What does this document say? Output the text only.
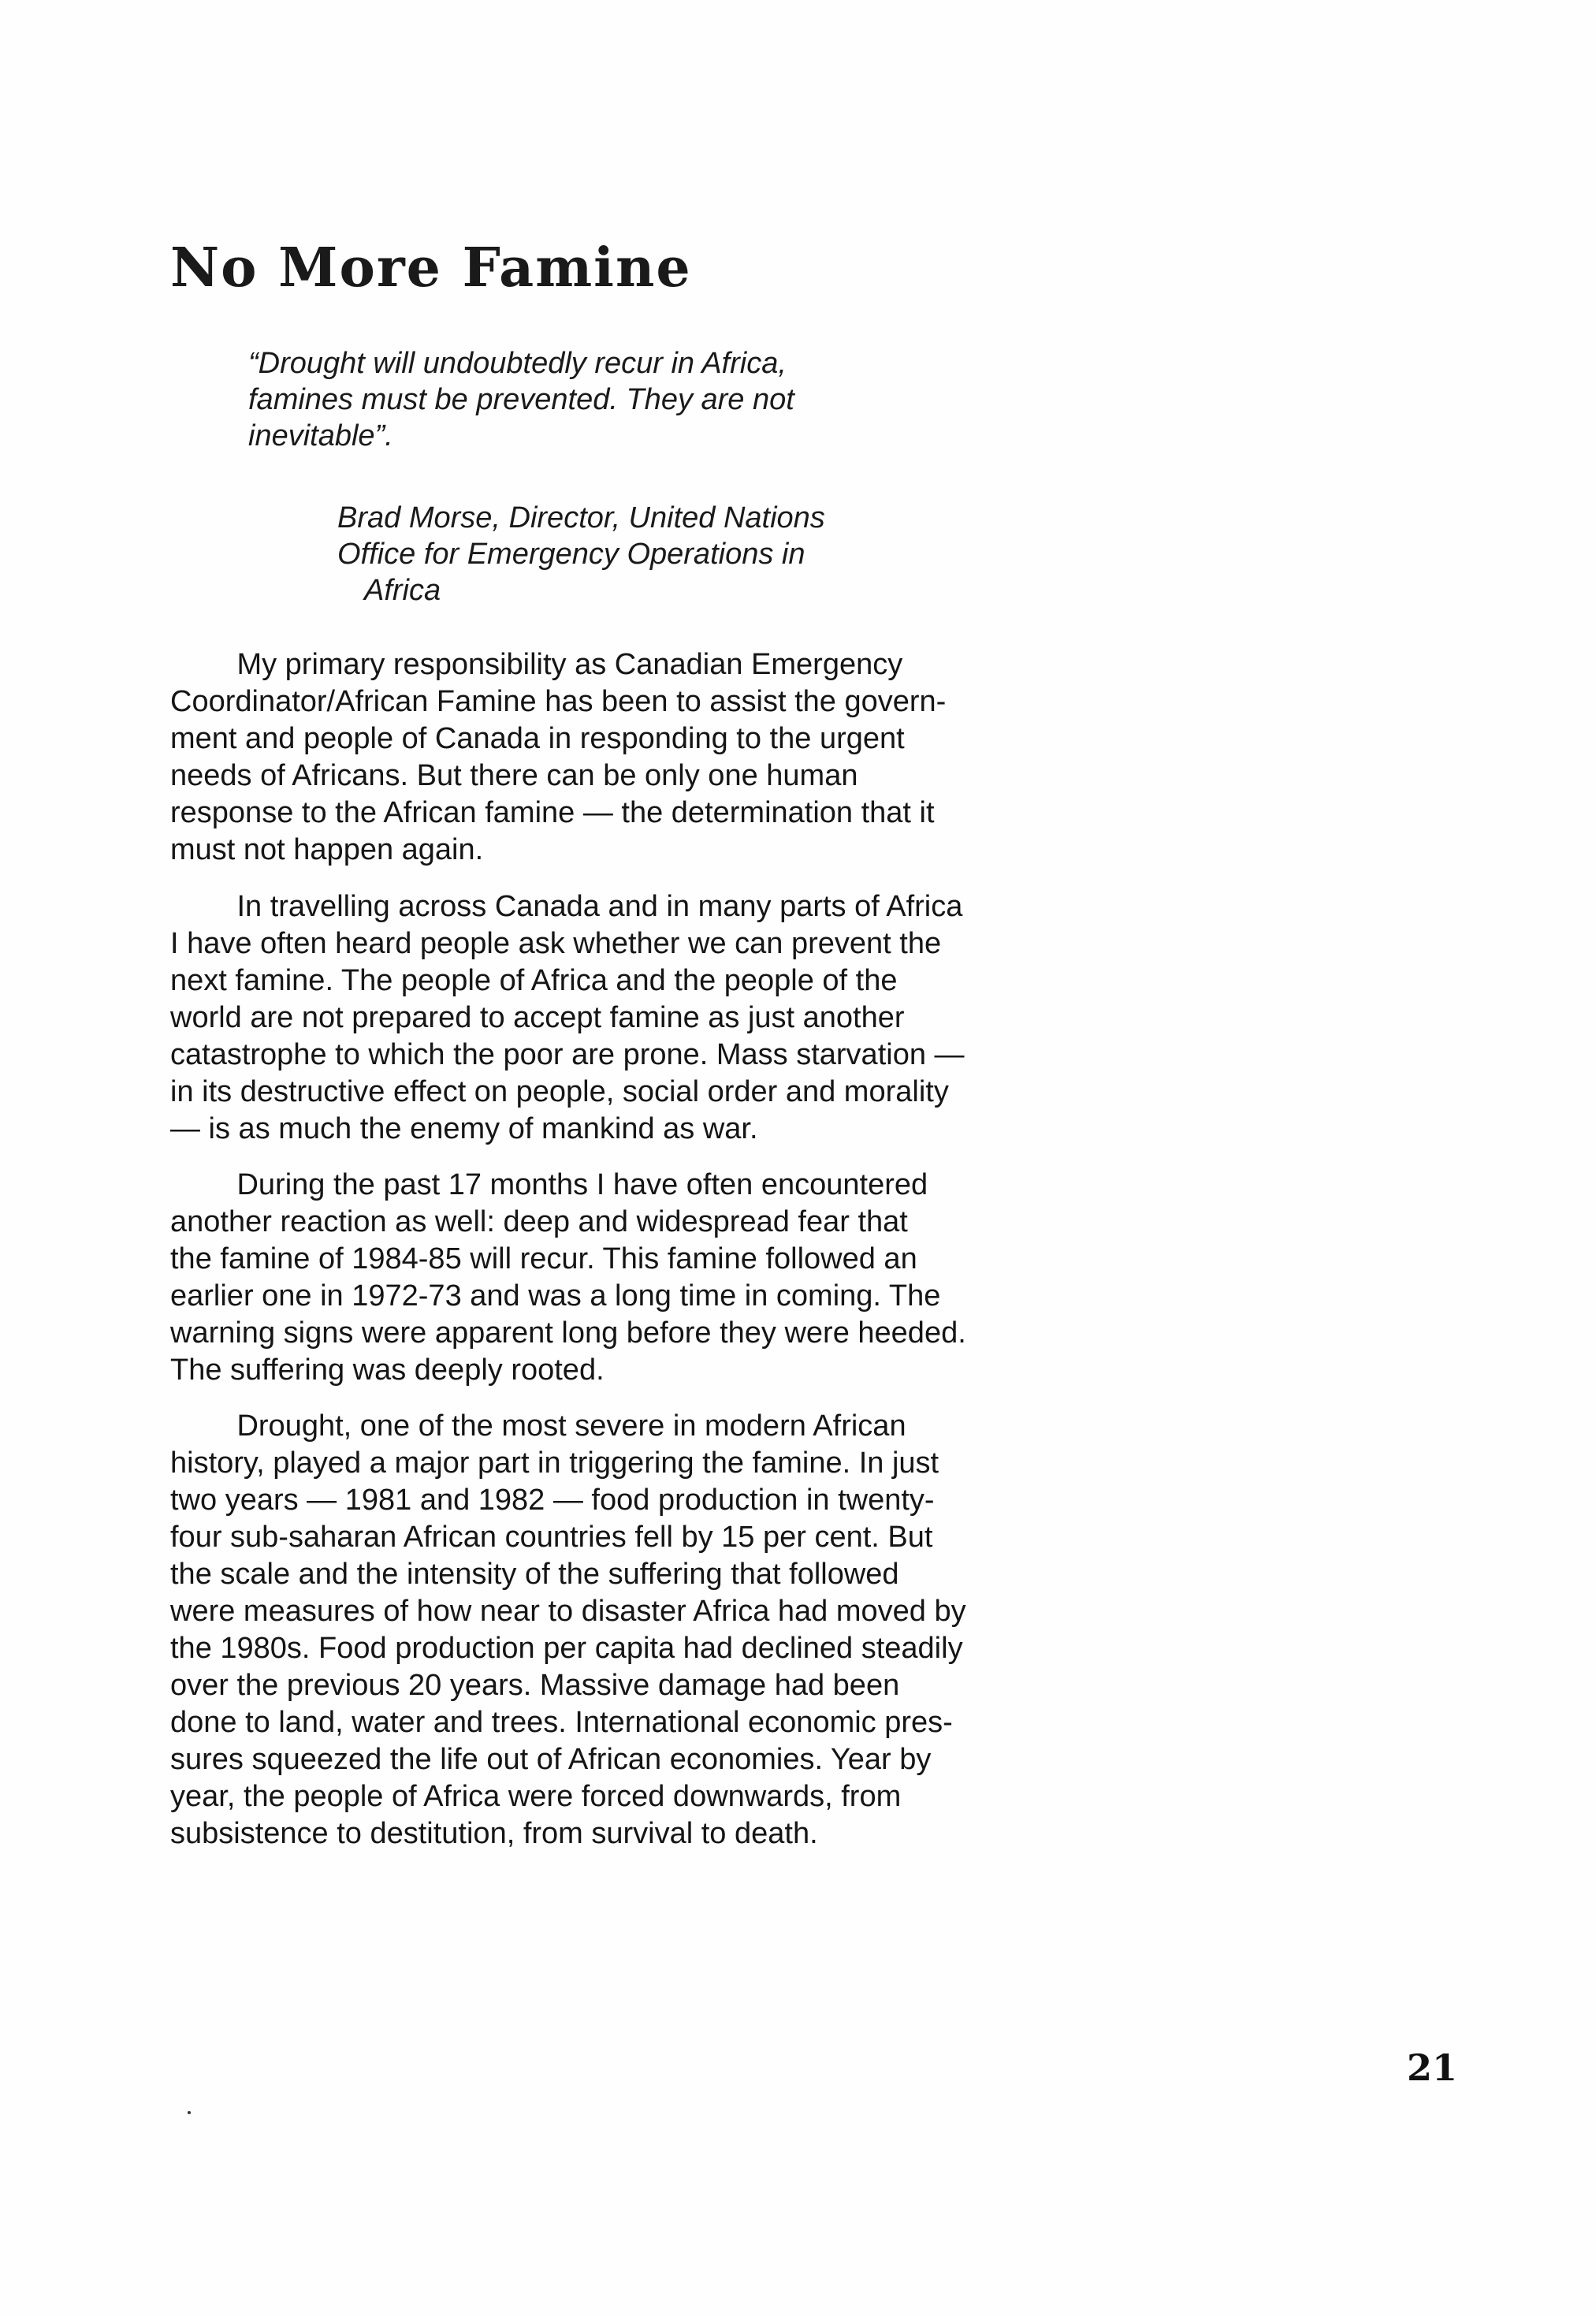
No More Famine
“Drought will undoubtedly recur in Africa,
famines must be prevented. They are not
inevitable”.
Brad Morse, Director, United Nations
Office for Emergency Operations in
Africa
My primary responsibility as Canadian Emergency
Coordinator/African Famine has been to assist the govern-
ment and people of Canada in responding to the urgent
needs of Africans. But there can be only one human
response to the African famine — the determination that it
must not happen again.
In travelling across Canada and in many parts of Africa
I have often heard people ask whether we can prevent the
next famine. The people of Africa and the people of the
world are not prepared to accept famine as just another
catastrophe to which the poor are prone. Mass starvation —
in its destructive effect on people, social order and morality
— is as much the enemy of mankind as war.
During the past 17 months I have often encountered
another reaction as well: deep and widespread fear that
the famine of 1984-85 will recur. This famine followed an
earlier one in 1972-73 and was a long time in coming. The
warning signs were apparent long before they were heeded.
The suffering was deeply rooted.
Drought, one of the most severe in modern African
history, played a major part in triggering the famine. In just
two years — 1981 and 1982 — food production in twenty-
four sub-saharan African countries fell by 15 per cent. But
the scale and the intensity of the suffering that followed
were measures of how near to disaster Africa had moved by
the 1980s. Food production per capita had declined steadily
over the previous 20 years. Massive damage had been
done to land, water and trees. International economic pres-
sures squeezed the life out of African economies. Year by
year, the people of Africa were forced downwards, from
subsistence to destitution, from survival to death.
21
